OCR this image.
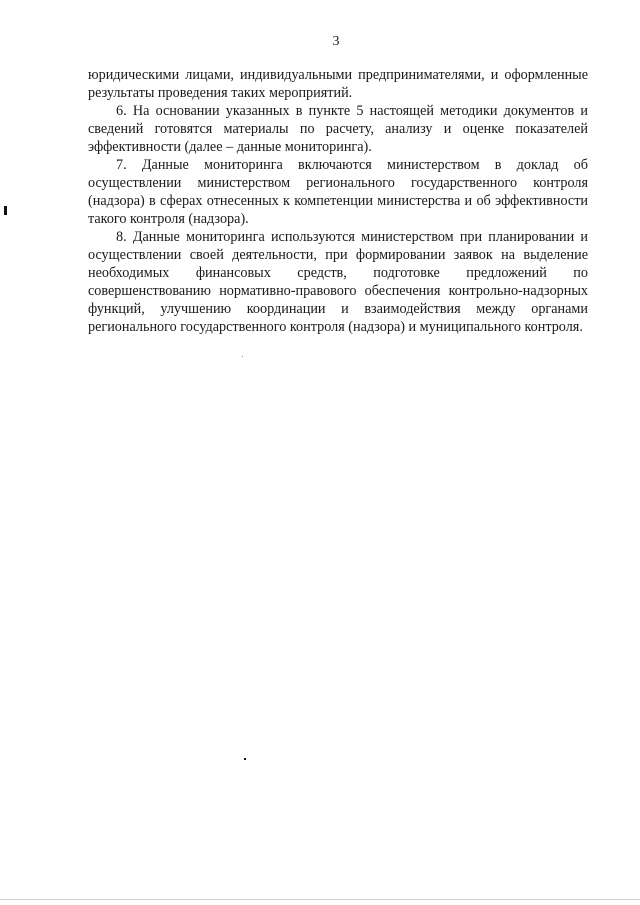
3

юридическими лицами, индивидуальными предпринимателями, и оформленные результаты проведения таких мероприятий.

6. На основании указанных в пункте 5 настоящей методики документов и сведений готовятся материалы по расчету, анализу и оценке показателей эффективности (далее – данные мониторинга).

7. Данные мониторинга включаются министерством в доклад об осуществлении министерством регионального государственного контроля (надзора) в сферах отнесенных к компетенции министерства и об эффективности такого контроля (надзора).

8. Данные мониторинга используются министерством при планировании и осуществлении своей деятельности, при формировании заявок на выделение необходимых финансовых средств, подготовке предложений по совершенствованию нормативно-правового обеспечения контрольно-надзорных функций, улучшению координации и взаимодействия между органами регионального государственного контроля (надзора) и муниципального контроля.
